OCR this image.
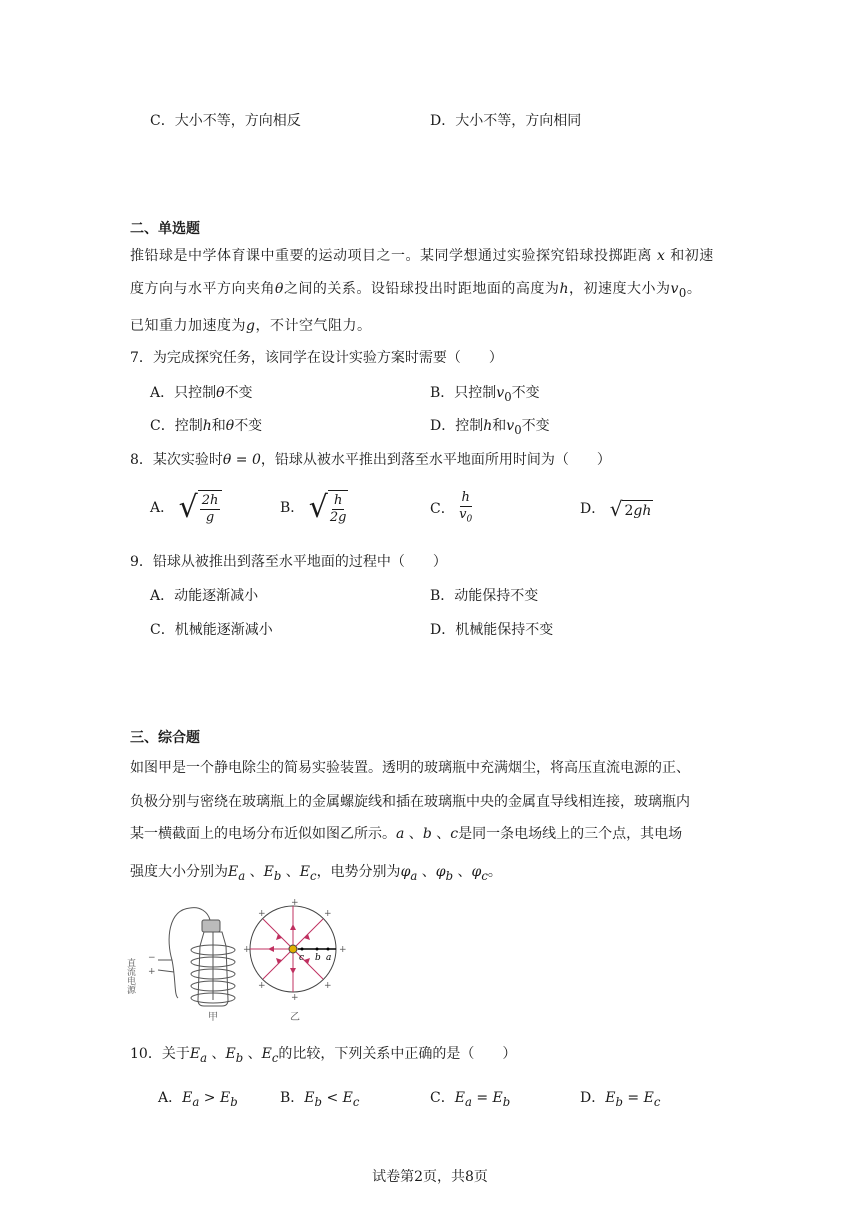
C．大小不等，方向相反	D．大小不等，方向相同
二、单选题
推铅球是中学体育课中重要的运动项目之一。某同学想通过实验探究铅球投掷距离 x 和初速
度方向与水平方向夹角θ之间的关系。设铅球投出时距地面的高度为h，初速度大小为$v_0$。
已知重力加速度为g，不计空气阻力。
7．为完成探究任务，该同学在设计实验方案时需要（　　）
A．只控制θ不变	B．只控制$v_0$不变
C．控制h和θ不变	D．控制h和$v_0$不变
8．某次实验时θ = 0，铅球从被水平推出到落至水平地面所用时间为（　　）
A． √ $\frac{2h}{g}$	B． √ $\frac{h}{2g}$	C． $\frac{h}{v_0}$	D． √ 2gh
9．铅球从被推出到落至水平地面的过程中（　　）
A．动能逐渐减小	B．动能保持不变
C．机械能逐渐减小	D．机械能保持不变
三、综合题
如图甲是一个静电除尘的简易实验装置。透明的玻璃瓶中充满烟尘，将高压直流电源的正、
负极分别与密绕在玻璃瓶上的金属螺旋线和插在玻璃瓶中央的金属直导线相连接，玻璃瓶内
某一横截面上的电场分布近似如图乙所示。a 、b 、c是同一条电场线上的三个点，其电场
强度大小分别为$E_a$ 、$E_b$ 、$E_c$，电势分别为$\varphi_a$ 、$\varphi_b$ 、$\varphi_c$。
−
+
直流电源
甲
+
+
+	+
+	+
+	+
c b a
乙
10．关于$E_a$ 、$E_b$ 、$E_c$的比较，下列关系中正确的是（　　）
A．$E_a > E_b$	B．$E_b < E_c$	C．$E_a = E_b$	D．$E_b = E_c$
试卷第2页，共8页
